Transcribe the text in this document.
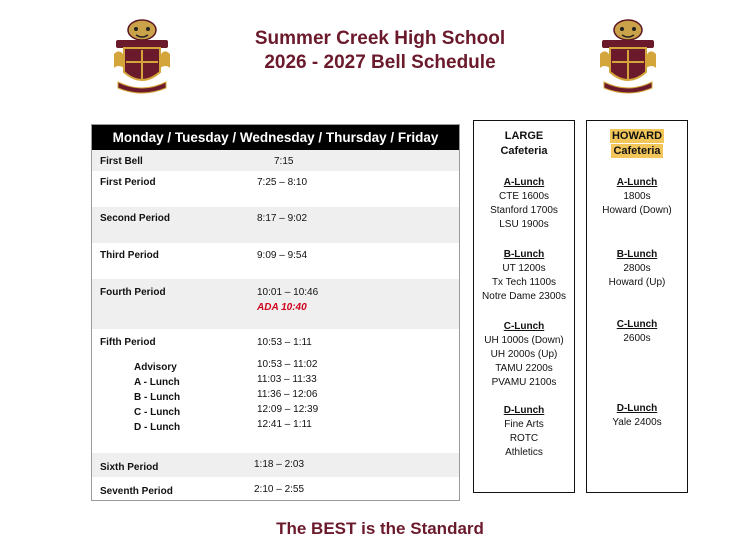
Summer Creek High School
2026 - 2027 Bell Schedule
Monday / Tuesday / Wednesday / Thursday / Friday
First Bell	7:15
First Period	7:25 – 8:10
Second Period	8:17 – 9:02
Third Period	9:09 – 9:54
Fourth Period	10:01 – 10:46
ADA 10:40
Fifth Period	10:53 – 1:11
Advisory	10:53 – 11:02
A - Lunch	11:03 – 11:33
B - Lunch	11:36 – 12:06
C - Lunch	12:09 – 12:39
D - Lunch	12:41 – 1:11
Sixth Period	1:18 – 2:03
Seventh Period	2:10 – 2:55
LARGE
Cafeteria
A-Lunch
CTE 1600s
Stanford 1700s
LSU 1900s
B-Lunch
UT 1200s
Tx Tech 1100s
Notre Dame 2300s
C-Lunch
UH 1000s (Down)
UH 2000s (Up)
TAMU 2200s
PVAMU 2100s
D-Lunch
Fine Arts
ROTC
Athletics
HOWARD
Cafeteria
A-Lunch
1800s
Howard (Down)
B-Lunch
2800s
Howard (Up)
C-Lunch
2600s
D-Lunch
Yale 2400s
The BEST is the Standard
